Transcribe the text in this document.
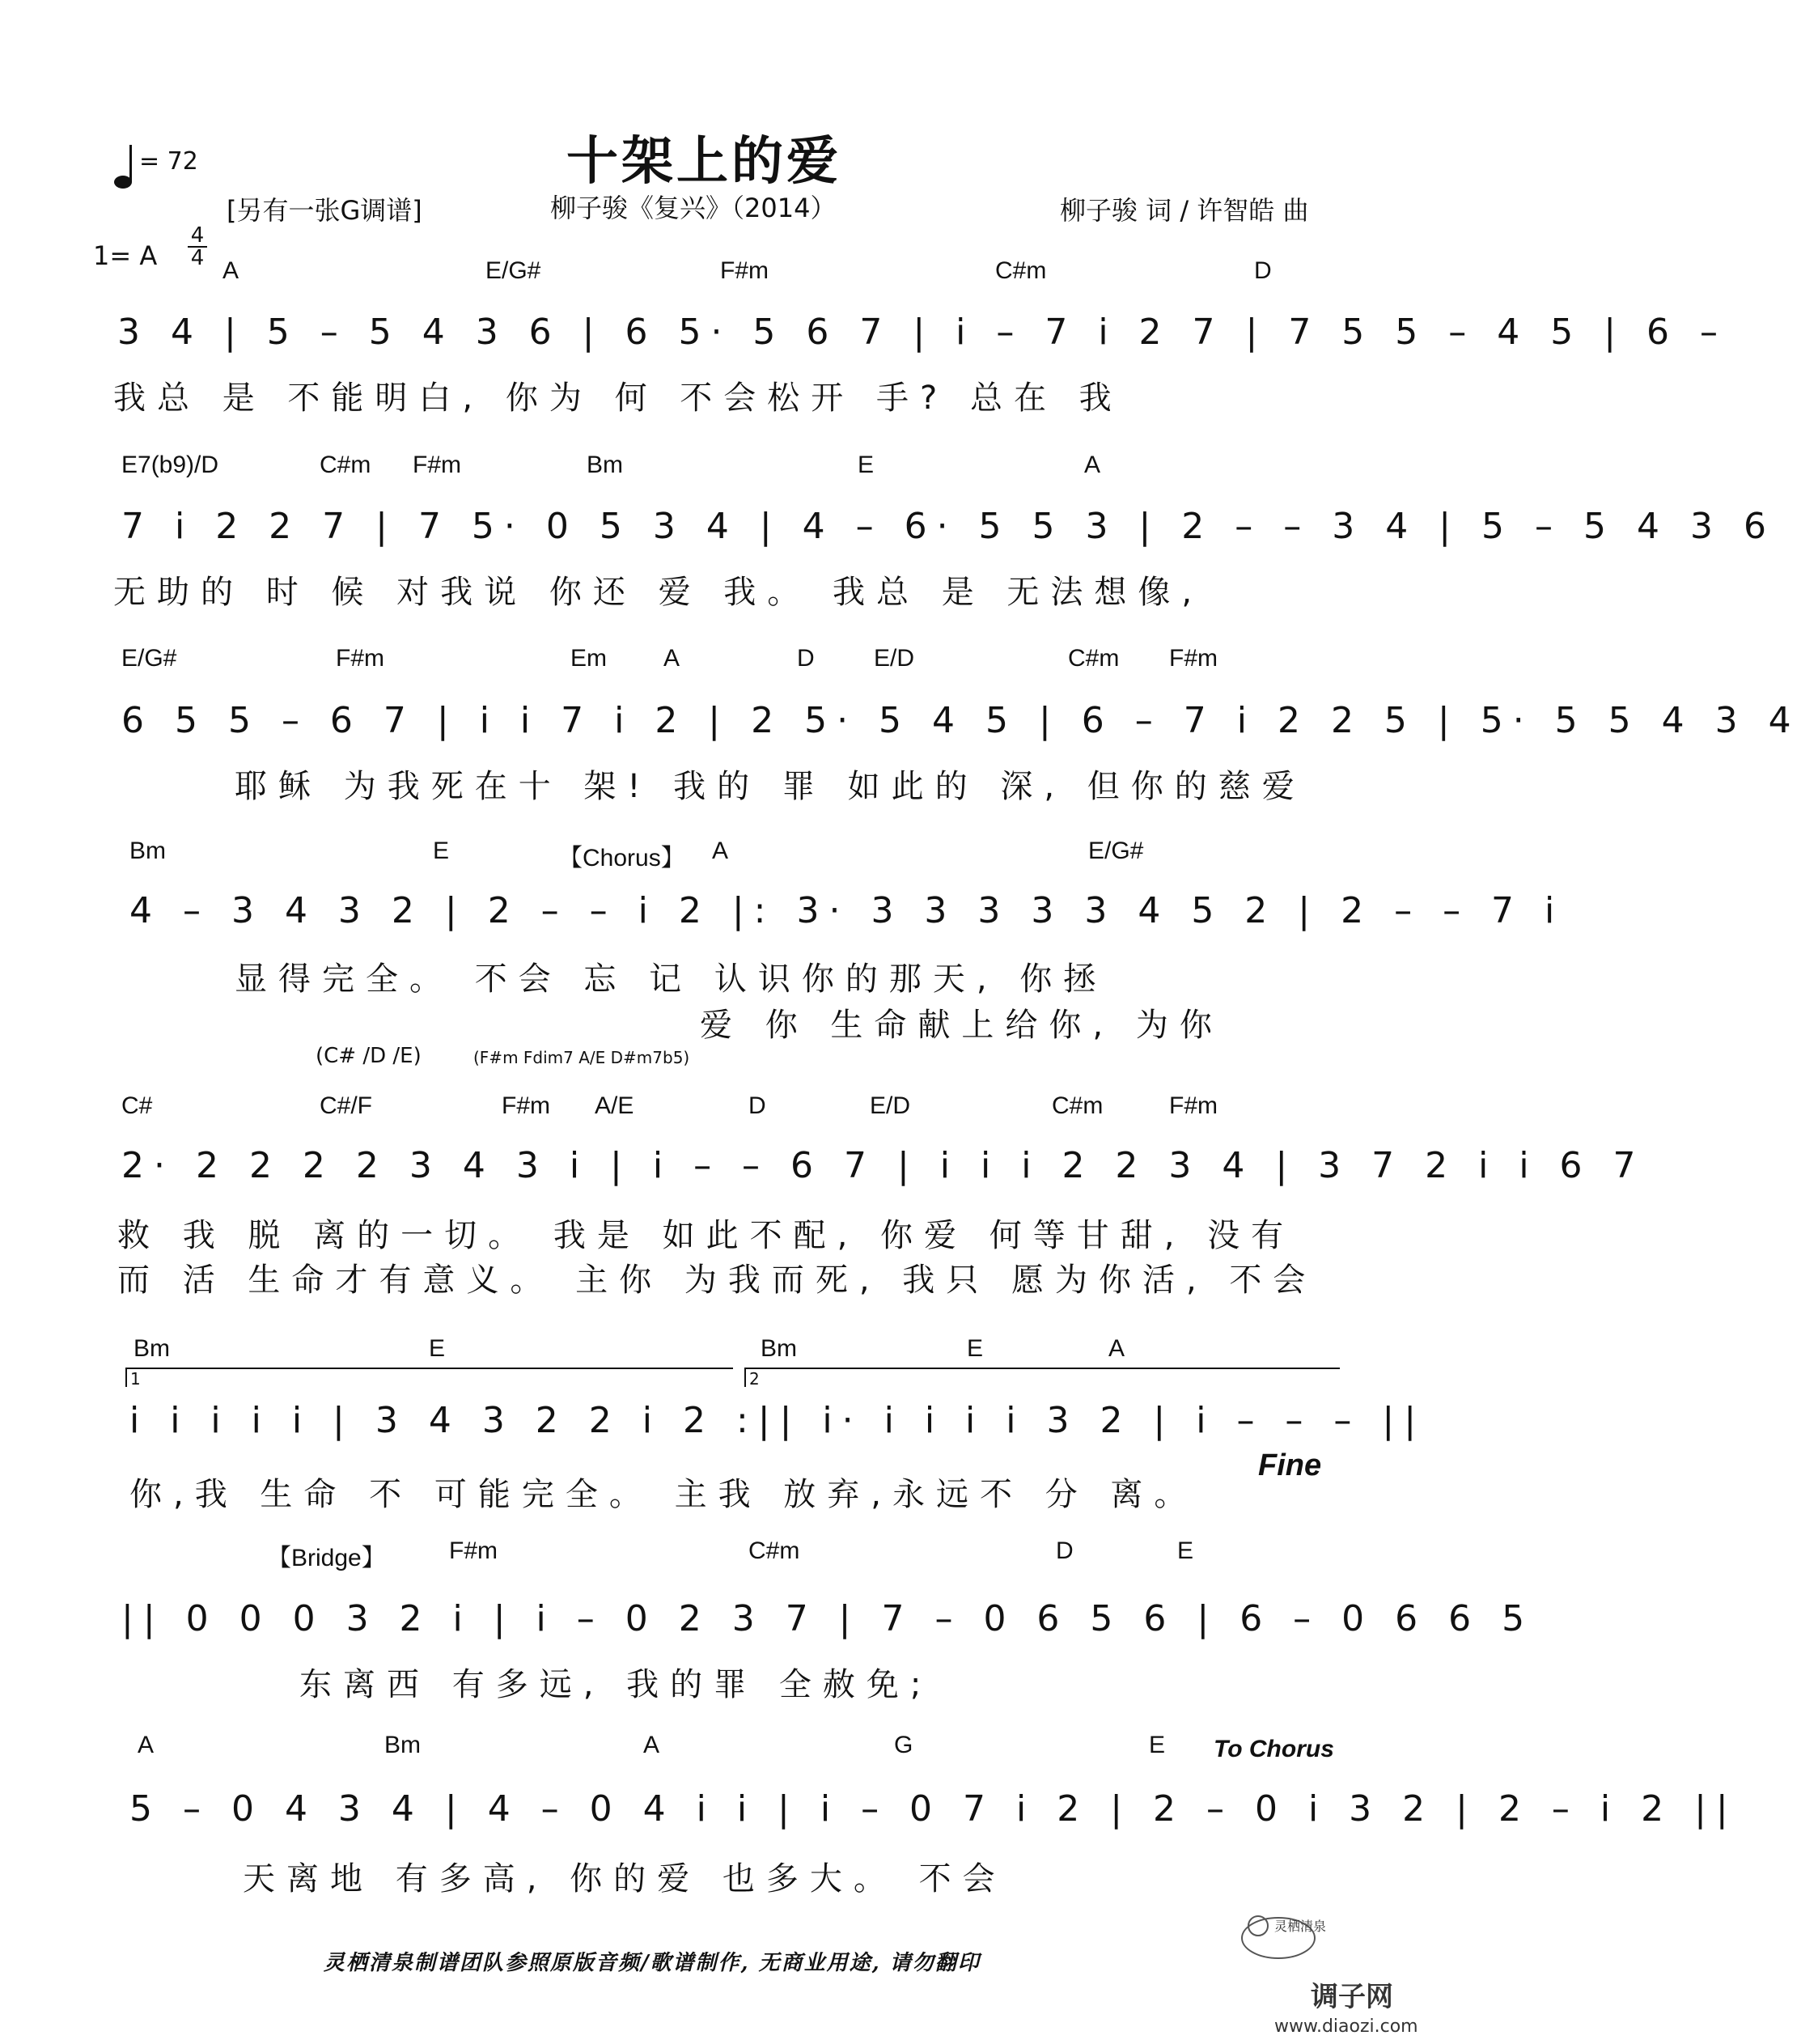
= 72	十架上的爱
[另有一张G调谱]	柳子骏《复兴》（2014）	柳子骏 词 / 许智皓 曲
1= A
4
4 A	E/G#	F#m	C#m	D
3 4 | 5 – 5 4 3 6 | 6 5· 5 6 7 | i – 7 i 2 7 | 7 5 5 – 4 5 | 6 –
我总 是 不能明白, 你为 何 不会松开 手? 总在 我
E7(b9)/D	C#m F#m	Bm	E	A
7 i 2 2 7 | 7 5· 0 5 3 4 | 4 – 6· 5 5 3 | 2 – – 3 4 | 5 – 5 4 3 6
无助的 时 候 对我说 你还 爱 我。 我总 是 无法想像,
E/G#	F#m	Em A	D E/D	C#m F#m
6 5 5 – 6 7 | i i 7 i 2 | 2 5· 5 4 5 | 6 – 7 i 2 2 5 | 5· 5 5 4 3 4
耶稣 为我死在十 架! 我的 罪 如此的 深, 但你的慈爱
Bm	E	【Chorus】 A	E/G#
4 – 3 4 3 2 | 2 – – i 2 |: 3· 3 3 3 3 3 4 5 2 | 2 – – 7 i
显得完全。 不会 忘 记 认识你的那天, 你拯
爱 你 生命献上给你, 为你
(C# /D /E)	(F#m Fdim7 A/E D#m7b5)
C#	C#/F	F#m A/E	D	E/D	C#m	F#m
2· 2 2 2 2 3 4 3 i | i – – 6 7 | i i i 2 2 3 4 | 3 7 2 i i 6 7
救 我 脱 离的一切。 我是 如此不配, 你爱 何等甘甜, 没有
而 活 生命才有意义。 主你 为我而死, 我只 愿为你活, 不会
Bm	E	Bm	E	A
1	2
i i i i i | 3 4 3 2 2 i 2 :|| i· i i i i 3 2 | i – – – ||
Fine
你,我 生命 不 可能完全。 主我 放弃,永远不 分 离。
【Bridge】	F#m	C#m	D	E
|| 0 0 0 3 2 i | i – 0 2 3 7 | 7 – 0 6 5 6 | 6 – 0 6 6 5
东离西 有多远, 我的罪 全赦免;
A	Bm	A	G	E To Chorus
5 – 0 4 3 4 | 4 – 0 4 i i | i – 0 7 i 2 | 2 – 0 i 3 2 | 2 – i 2 ||
天离地 有多高, 你的爱 也多大。 不会
灵栖清泉制谱团队参照原版音频/歌谱制作, 无商业用途, 请勿翻印
灵栖清泉
调子网
www.diaozi.com
